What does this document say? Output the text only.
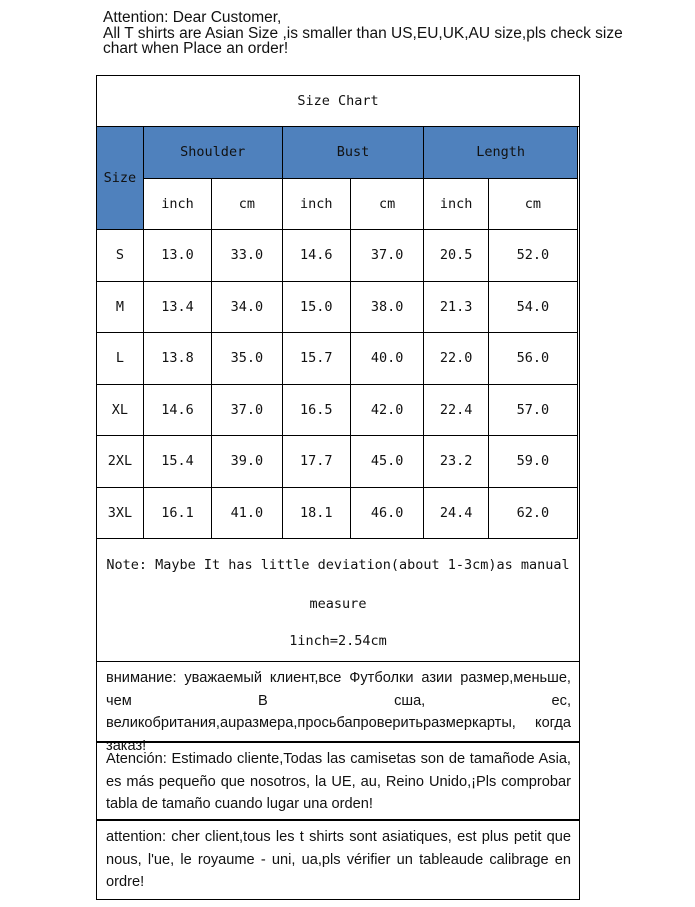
Attention: Dear Customer,
All T shirts are Asian Size ,is smaller than US,EU,UK,AU size,pls check size
chart when Place an order!
Size Chart
Size	Shoulder		Bust		Length	
	inch	cm	inch	cm	inch	cm
S	13.0	33.0	14.6	37.0	20.5	52.0
M	13.4	34.0	15.0	38.0	21.3	54.0
L	13.8	35.0	15.7	40.0	22.0	56.0
XL	14.6	37.0	16.5	42.0	22.4	57.0
2XL	15.4	39.0	17.7	45.0	23.2	59.0
3XL	16.1	41.0	18.1	46.0	24.4	62.0
Note: Maybe It has little deviation(about 1-3cm)as manual
measure
1inch=2.54cm
внимание: уважаемый клиент,все Футболки азии размер,меньше, чем В сша, ес, великобритания,auразмера,просьбапроверитьразмеркарты, когда заказ!
Atención: Estimado cliente,Todas las camisetas son de tamañode Asia, es más pequeño que nosotros, la UE, au, Reino Unido,¡Pls comprobar tabla de tamaño cuando lugar una orden!
attention: cher client,tous les t shirts sont asiatiques, est plus petit que nous, l'ue, le royaume - uni, ua,pls vérifier un tableaude calibrage en ordre!
